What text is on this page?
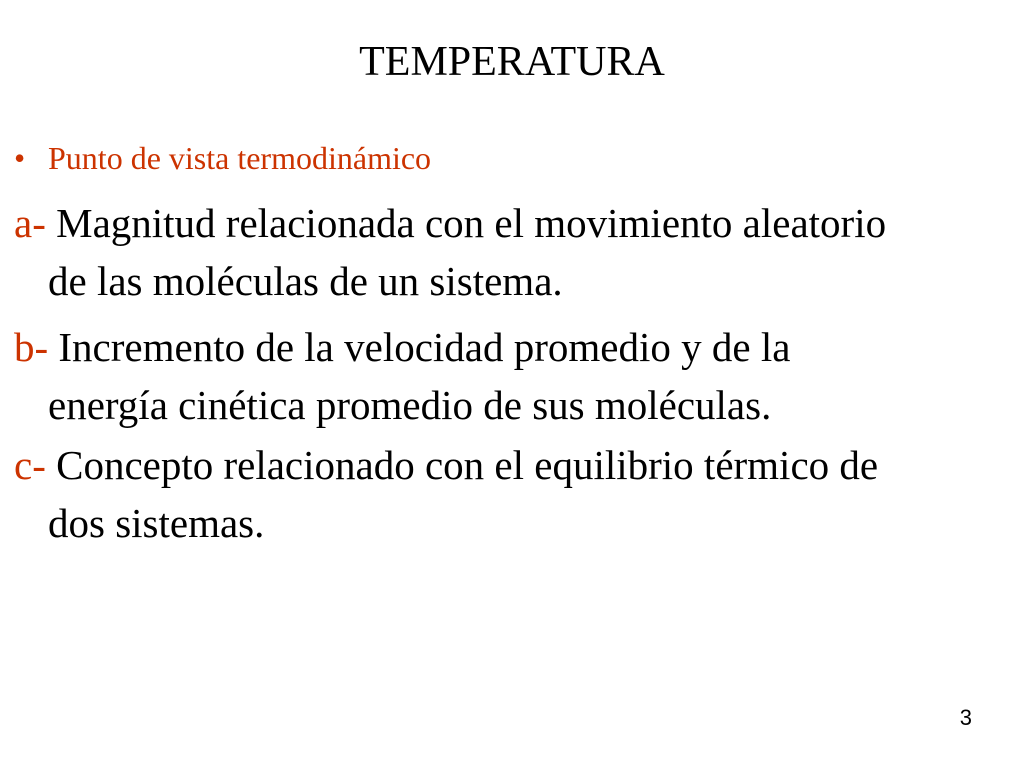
TEMPERATURA
• Punto de vista termodinámico
a- Magnitud relacionada con el movimiento aleatorio
de las moléculas de un sistema.
b- Incremento de la velocidad promedio y de la
energía cinética promedio de sus moléculas.
c- Concepto relacionado con el equilibrio térmico de
dos sistemas.
3
